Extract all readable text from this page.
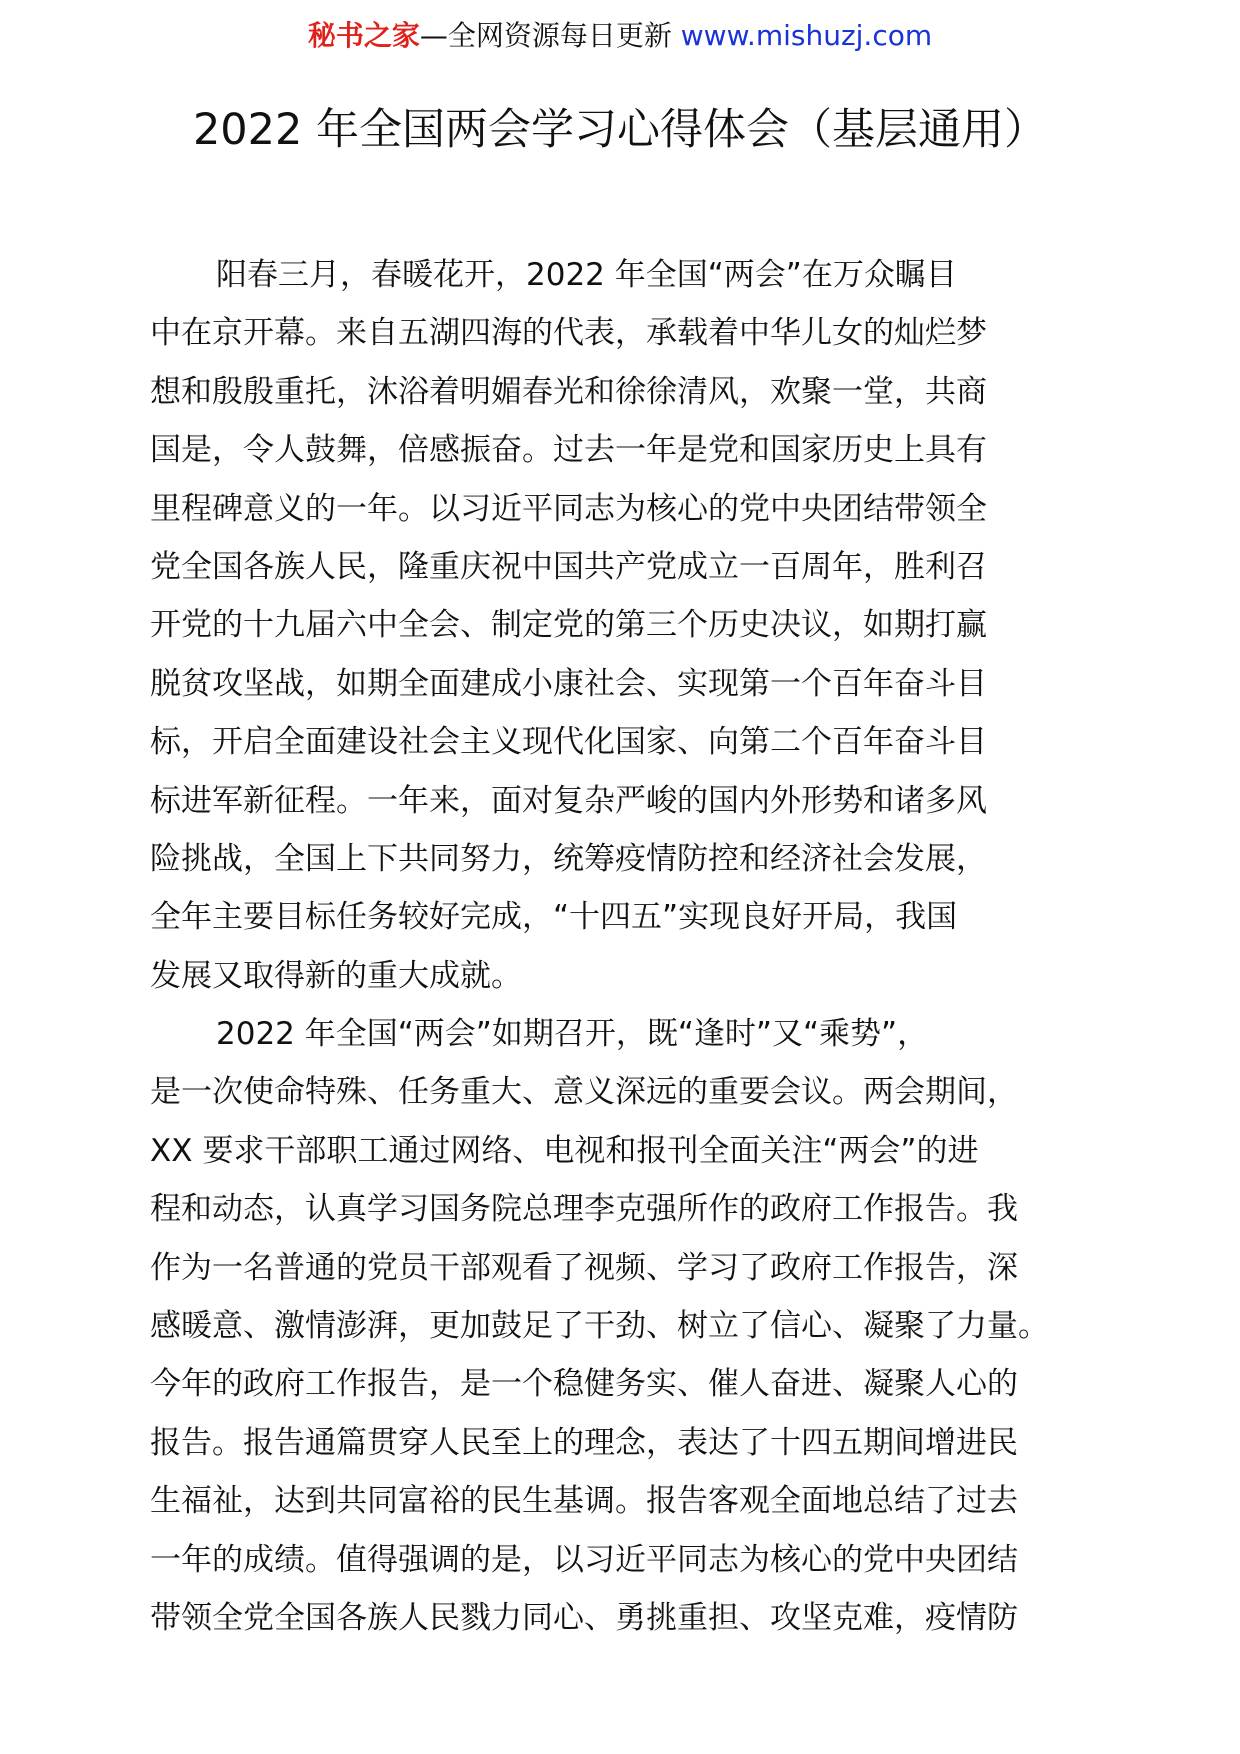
秘书之家—全网资源每日更新 www.mishuzj.com
2022 年全国两会学习心得体会（基层通用）
阳春三月，春暖花开，2022 年全国“两会”在万众瞩目
中在京开幕。来自五湖四海的代表，承载着中华儿女的灿烂梦
想和殷殷重托，沐浴着明媚春光和徐徐清风，欢聚一堂，共商
国是，令人鼓舞，倍感振奋。过去一年是党和国家历史上具有
里程碑意义的一年。以习近平同志为核心的党中央团结带领全
党全国各族人民，隆重庆祝中国共产党成立一百周年，胜利召
开党的十九届六中全会、制定党的第三个历史决议，如期打赢
脱贫攻坚战，如期全面建成小康社会、实现第一个百年奋斗目
标，开启全面建设社会主义现代化国家、向第二个百年奋斗目
标进军新征程。一年来，面对复杂严峻的国内外形势和诸多风
险挑战，全国上下共同努力，统筹疫情防控和经济社会发展，
全年主要目标任务较好完成，“十四五”实现良好开局，我国
发展又取得新的重大成就。
2022 年全国“两会”如期召开，既“逢时”又“乘势”，
是一次使命特殊、任务重大、意义深远的重要会议。两会期间，
XX 要求干部职工通过网络、电视和报刊全面关注“两会”的进
程和动态，认真学习国务院总理李克强所作的政府工作报告。我
作为一名普通的党员干部观看了视频、学习了政府工作报告，深
感暖意、激情澎湃，更加鼓足了干劲、树立了信心、凝聚了力量。
今年的政府工作报告，是一个稳健务实、催人奋进、凝聚人心的
报告。报告通篇贯穿人民至上的理念，表达了十四五期间增进民
生福祉，达到共同富裕的民生基调。报告客观全面地总结了过去
一年的成绩。值得强调的是，以习近平同志为核心的党中央团结
带领全党全国各族人民戮力同心、勇挑重担、攻坚克难，疫情防
